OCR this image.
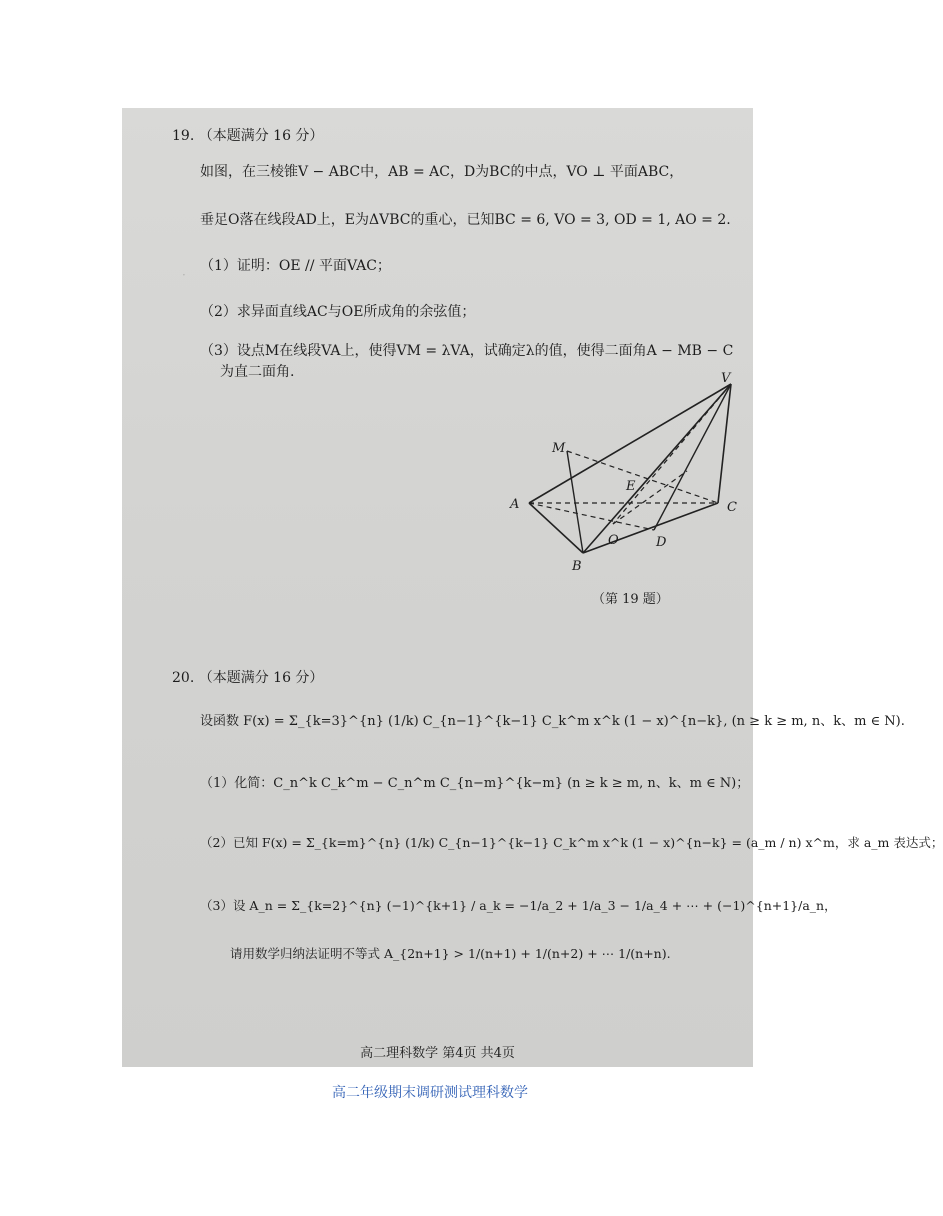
·
19. （本题满分 16 分）
如图，在三棱锥V − ABC中，AB = AC，D为BC的中点，VO ⊥ 平面ABC，
垂足O落在线段AD上，E为ΔVBC的重心，已知BC = 6, VO = 3, OD = 1, AO = 2.
（1）证明：OE // 平面VAC；
（2）求异面直线AC与OE所成角的余弦值；
（3）设点M在线段VA上，使得VM = λVA，试确定λ的值，使得二面角A − MB − C
为直二面角.	V
M
E
A	C
O	D
B
（第 19 题）
20. （本题满分 16 分）
设函数 F(x) = Σ_{k=3}^{n} (1/k) C_{n−1}^{k−1} C_k^m x^k (1 − x)^{n−k}, (n ≥ k ≥ m, n、k、m ∈ N).
（1）化简：C_n^k C_k^m − C_n^m C_{n−m}^{k−m} (n ≥ k ≥ m, n、k、m ∈ N)；
（2）已知 F(x) = Σ_{k=m}^{n} (1/k) C_{n−1}^{k−1} C_k^m x^k (1 − x)^{n−k} = (a_m / n) x^m，求 a_m 表达式；
（3）设 A_n = Σ_{k=2}^{n} (−1)^{k+1} / a_k = −1/a_2 + 1/a_3 − 1/a_4 + ⋯ + (−1)^{n+1}/a_n，
请用数学归纳法证明不等式 A_{2n+1} > 1/(n+1) + 1/(n+2) + ⋯ 1/(n+n).
高二理科数学 第4页 共4页
高二年级期末调研测试理科数学
